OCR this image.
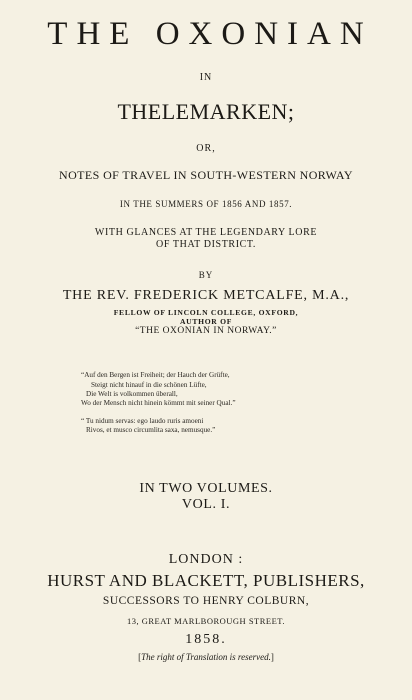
THE OXONIAN
IN
THELEMARKEN;
OR,
NOTES OF TRAVEL IN SOUTH-WESTERN NORWAY
IN THE SUMMERS OF 1856 AND 1857.
WITH GLANCES AT THE LEGENDARY LORE
OF THAT DISTRICT.
BY
THE REV. FREDERICK METCALFE, M.A.,
FELLOW OF LINCOLN COLLEGE, OXFORD,
AUTHOR OF
“THE OXONIAN IN NORWAY.”
“Auf den Bergen ist Freiheit; der Hauch der Grüfte,
Steigt nicht hinauf in die schönen Lüfte,
Die Welt is volkommen überall,
Wo der Mensch nicht hinein kömmt mit seiner Qual.”
“ Tu nidum servas: ego laudo ruris amoeni
Rivos, et musco circumlita saxa, nemusque.”
IN TWO VOLUMES.
VOL. I.
LONDON :
HURST AND BLACKETT, PUBLISHERS,
SUCCESSORS TO HENRY COLBURN,
13, GREAT MARLBOROUGH STREET.
1858.
[The right of Translation is reserved.]
